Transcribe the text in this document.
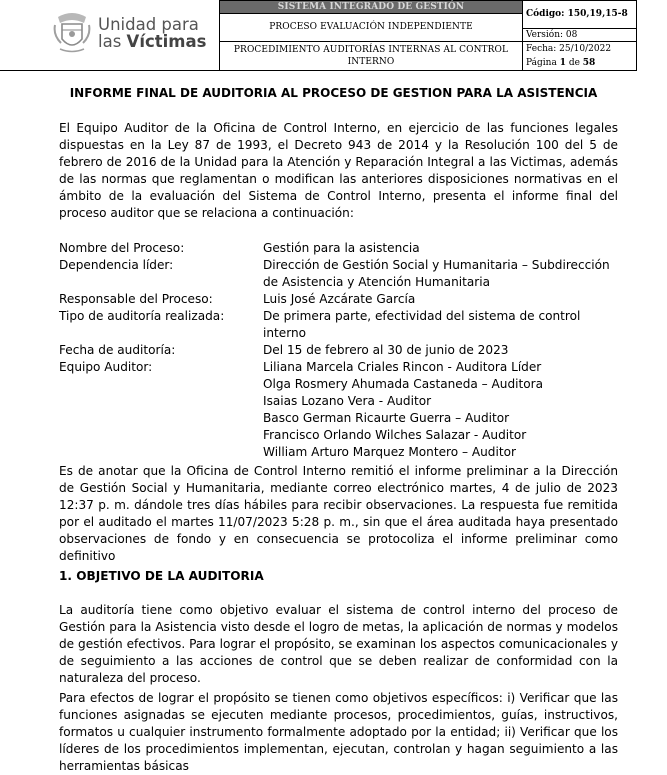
Unidad para
las Víctimas	SISTEMA INTEGRADO DE GESTIÓN	Código: 150,19,15-8
	PROCESO EVALUACIÓN INDEPENDIENTE	
		Versión: 08
	PROCEDIMIENTO AUDITORÍAS INTERNAS AL CONTROL INTERNO	Fecha: 25/10/2022
Página 1 de 58
INFORME FINAL DE AUDITORIA AL PROCESO DE GESTION PARA LA ASISTENCIA

El Equipo Auditor de la Oficina de Control Interno, en ejercicio de las funciones legales dispuestas en la Ley 87 de 1993, el Decreto 943 de 2014 y la Resolución 100 del 5 de febrero de 2016 de la Unidad para la Atención y Reparación Integral a las Victimas, además de las normas que reglamentan o modifican las anteriores disposiciones normativas en el ámbito de la evaluación del Sistema de Control Interno, presenta el informe final del proceso auditor que se relaciona a continuación:

Nombre del Proceso:	Gestión para la asistencia
Dependencia líder:	Dirección de Gestión Social y Humanitaria – Subdirección de Asistencia y Atención Humanitaria
Responsable del Proceso:	Luis José Azcárate García
Tipo de auditoría realizada:	De primera parte, efectividad del sistema de control interno
Fecha de auditoría:	Del 15 de febrero al 30 de junio de 2023
Equipo Auditor:	Liliana Marcela Criales Rincon - Auditora Líder
Olga Rosmery Ahumada Castaneda – Auditora
Isaias Lozano Vera - Auditor
Basco German Ricaurte Guerra – Auditor
Francisco Orlando Wilches Salazar - Auditor
William Arturo Marquez Montero – Auditor

Es de anotar que la Oficina de Control Interno remitió el informe preliminar a la Dirección de Gestión Social y Humanitaria, mediante correo electrónico martes, 4 de julio de 2023 12:37 p. m. dándole tres días hábiles para recibir observaciones. La respuesta fue remitida por el auditado el martes 11/07/2023 5:28 p. m., sin que el área auditada haya presentado observaciones de fondo y en consecuencia se protocoliza el informe preliminar como definitivo

1. OBJETIVO DE LA AUDITORIA

La auditoría tiene como objetivo evaluar el sistema de control interno del proceso de Gestión para la Asistencia visto desde el logro de metas, la aplicación de normas y modelos de gestión efectivos. Para lograr el propósito, se examinan los aspectos comunicacionales y de seguimiento a las acciones de control que se deben realizar de conformidad con la naturaleza del proceso.

Para efectos de lograr el propósito se tienen como objetivos específicos: i) Verificar que las funciones asignadas se ejecuten mediante procesos, procedimientos, guías, instructivos, formatos u cualquier instrumento formalmente adoptado por la entidad; ii) Verificar que los líderes de los procedimientos implementan, ejecutan, controlan y hagan seguimiento a las herramientas básicas
